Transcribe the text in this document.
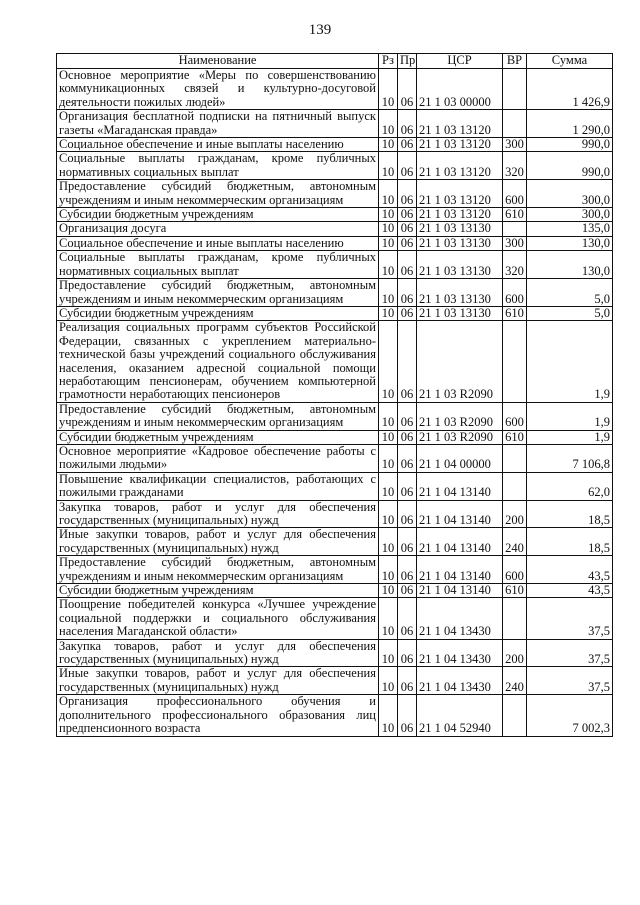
139
Наименование	Рз	Пр	ЦСР	ВР	Сумма
Основное мероприятие «Меры по совершенствованию коммуникационных связей и культурно-досуговой деятельности пожилых людей»	10	06	21 1 03 00000		1 426,9
Организация бесплатной подписки на пятничный выпуск газеты «Магаданская правда»	10	06	21 1 03 13120		1 290,0
Социальное обеспечение и иные выплаты населению	10	06	21 1 03 13120	300	990,0
Социальные выплаты гражданам, кроме публичных нормативных социальных выплат	10	06	21 1 03 13120	320	990,0
Предоставление субсидий бюджетным, автономным учреждениям и иным некоммерческим организациям	10	06	21 1 03 13120	600	300,0
Субсидии бюджетным учреждениям	10	06	21 1 03 13120	610	300,0
Организация досуга	10	06	21 1 03 13130		135,0
Социальное обеспечение и иные выплаты населению	10	06	21 1 03 13130	300	130,0
Социальные выплаты гражданам, кроме публичных нормативных социальных выплат	10	06	21 1 03 13130	320	130,0
Предоставление субсидий бюджетным, автономным учреждениям и иным некоммерческим организациям	10	06	21 1 03 13130	600	5,0
Субсидии бюджетным учреждениям	10	06	21 1 03 13130	610	5,0
Реализация социальных программ субъектов Российской Федерации, связанных с укреплением материально-технической базы учреждений социального обслуживания населения, оказанием адресной социальной помощи неработающим пенсионерам, обучением компьютерной грамотности неработающих пенсионеров	10	06	21 1 03 R2090		1,9
Предоставление субсидий бюджетным, автономным учреждениям и иным некоммерческим организациям	10	06	21 1 03 R2090	600	1,9
Субсидии бюджетным учреждениям	10	06	21 1 03 R2090	610	1,9
Основное мероприятие «Кадровое обеспечение работы с пожилыми людьми»	10	06	21 1 04 00000		7 106,8
Повышение квалификации специалистов, работающих с пожилыми гражданами	10	06	21 1 04 13140		62,0
Закупка товаров, работ и услуг для обеспечения государственных (муниципальных) нужд	10	06	21 1 04 13140	200	18,5
Иные закупки товаров, работ и услуг для обеспечения государственных (муниципальных) нужд	10	06	21 1 04 13140	240	18,5
Предоставление субсидий бюджетным, автономным учреждениям и иным некоммерческим организациям	10	06	21 1 04 13140	600	43,5
Субсидии бюджетным учреждениям	10	06	21 1 04 13140	610	43,5
Поощрение победителей конкурса «Лучшее учреждение социальной поддержки и социального обслуживания населения Магаданской области»	10	06	21 1 04 13430		37,5
Закупка товаров, работ и услуг для обеспечения государственных (муниципальных) нужд	10	06	21 1 04 13430	200	37,5
Иные закупки товаров, работ и услуг для обеспечения государственных (муниципальных) нужд	10	06	21 1 04 13430	240	37,5
Организация профессионального обучения и дополнительного профессионального образования лиц предпенсионного возраста	10	06	21 1 04 52940		7 002,3
